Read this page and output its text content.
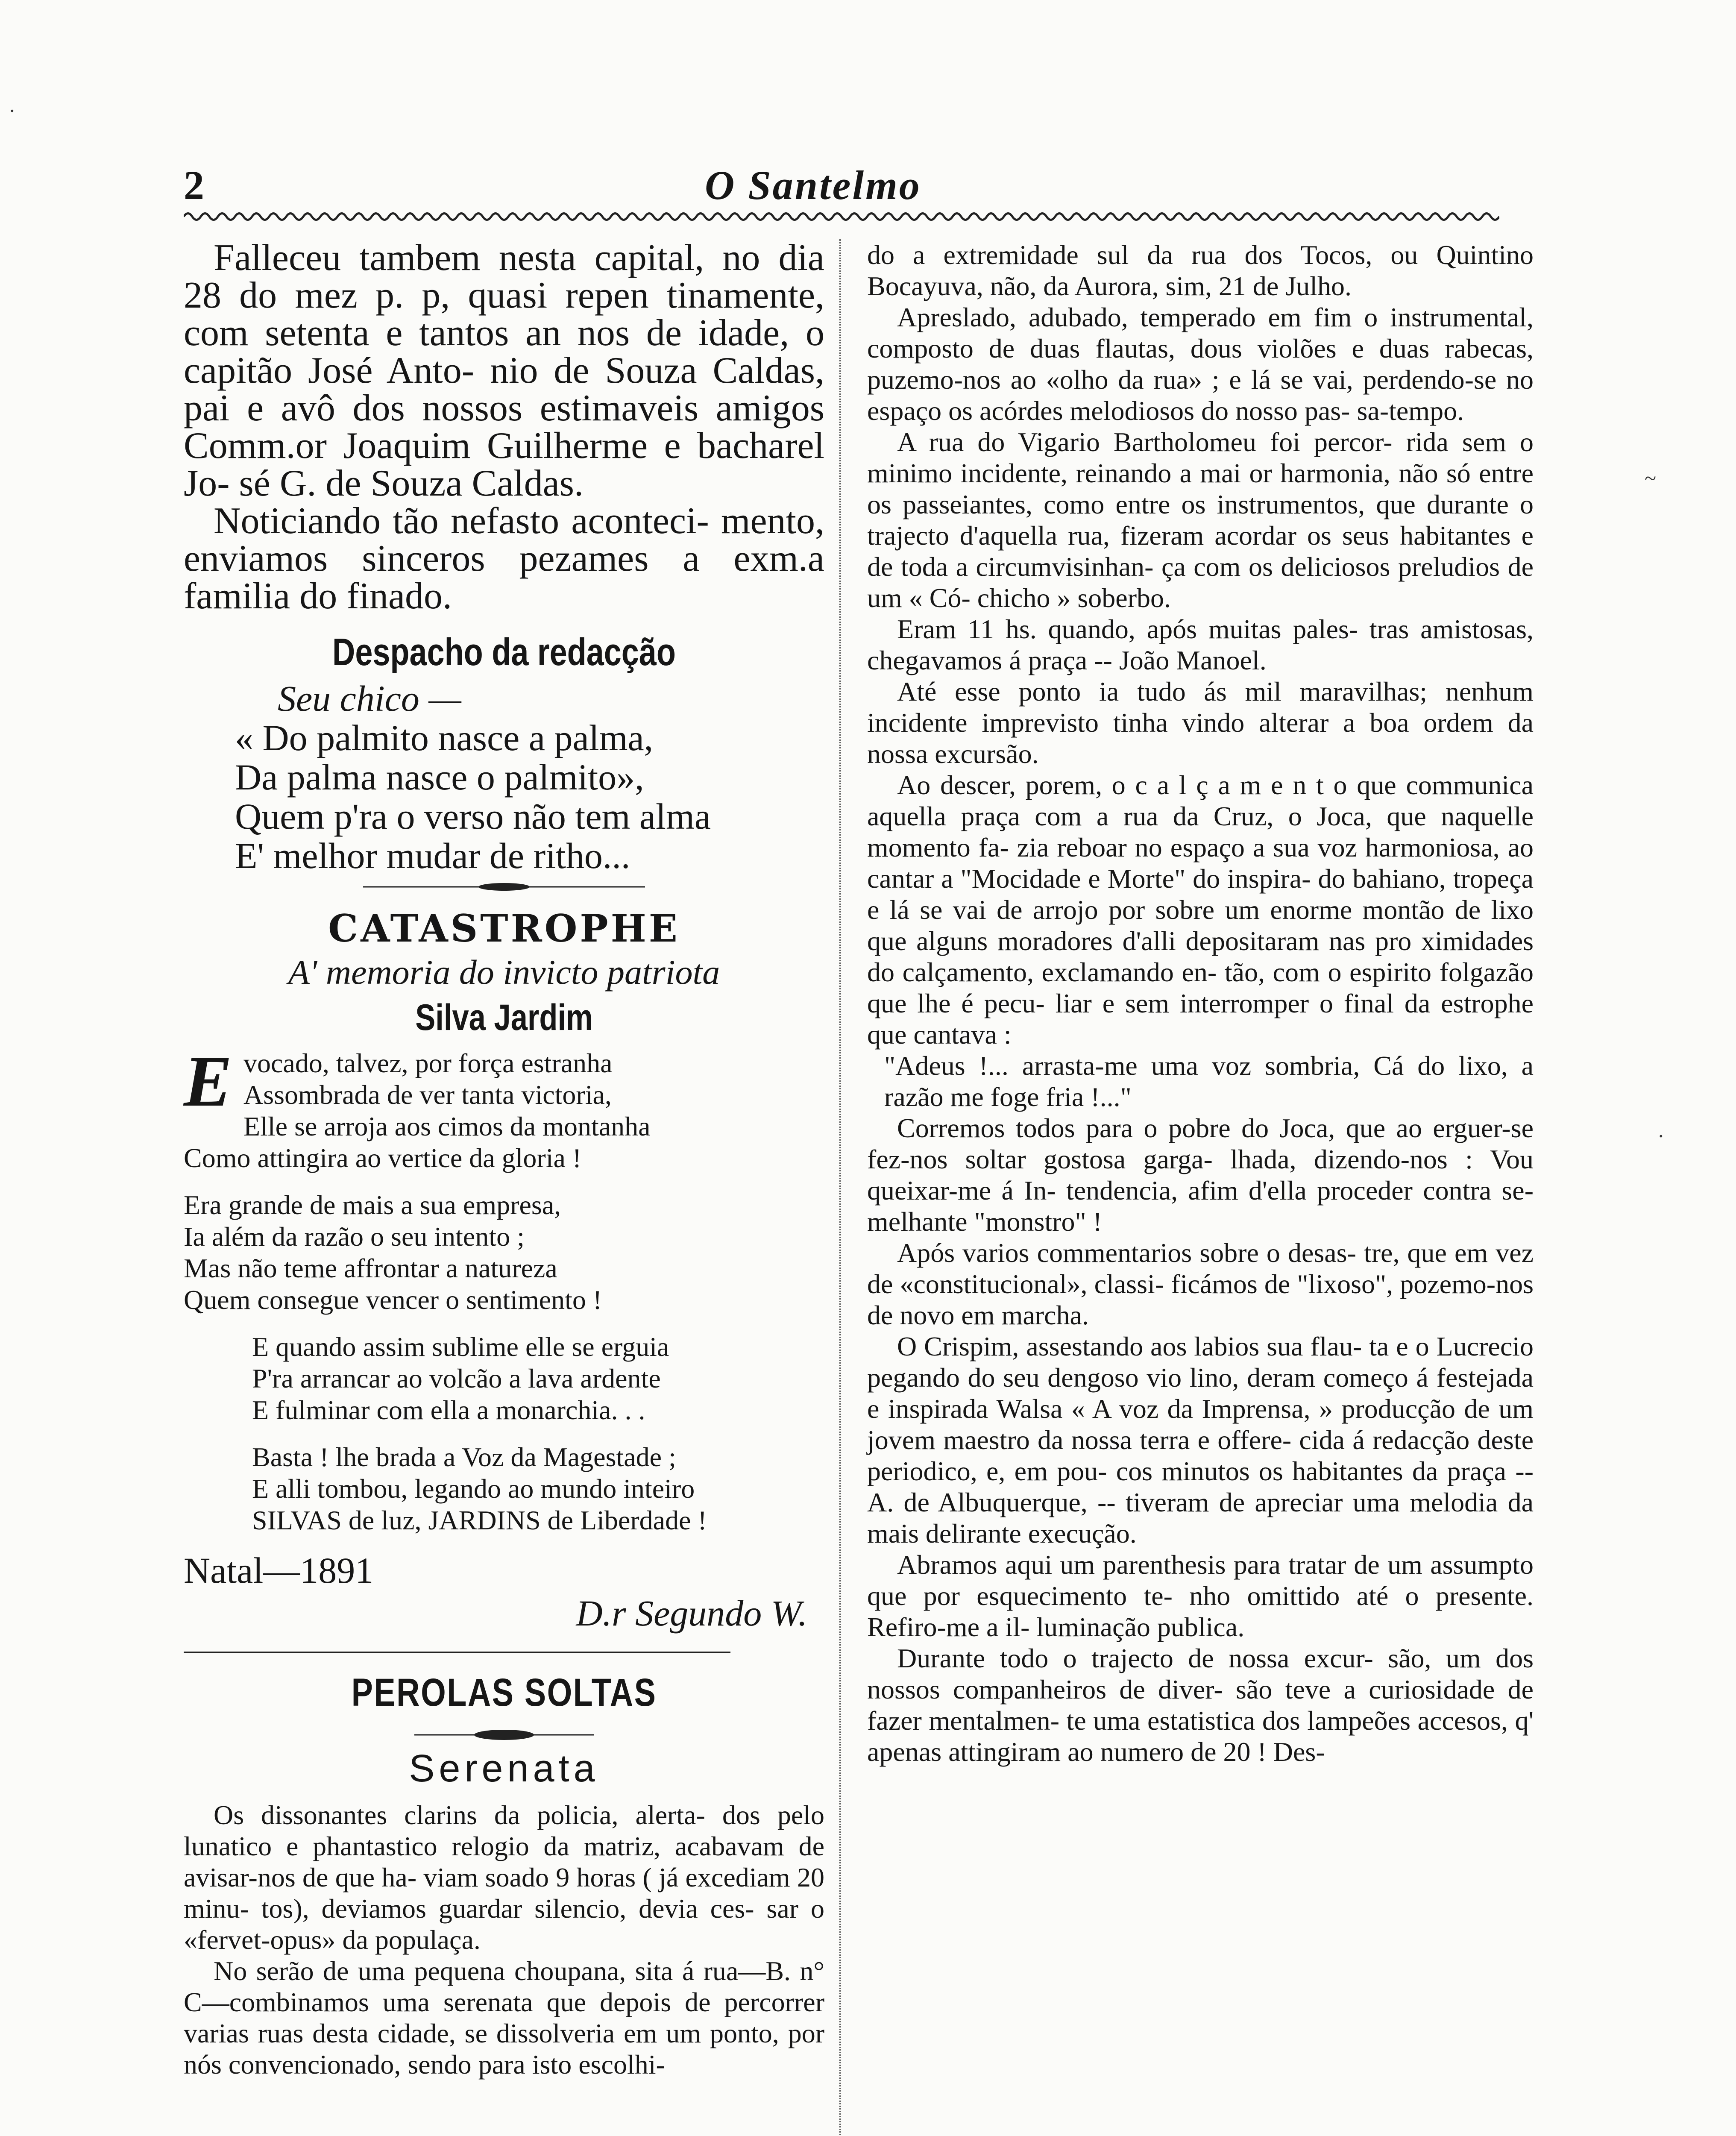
2	O Santelmo

Falleceu tambem nesta capital, no dia 28 do mez p. p, quasi repen tinamente, com setenta e tantos an nos de idade, o capitão José Anto- nio de Souza Caldas, pai e avô dos nossos estimaveis amigos Comm.or Joaquim Guilherme e bacharel Jo- sé G. de Souza Caldas.

Noticiando tão nefasto aconteci- mento, enviamos sinceros pezames a exm.a familia do finado.

Despacho da redacção

Seu chico —

« Do palmito nasce a palma,

Da palma nasce o palmito»,

Quem p'ra o verso não tem alma

E' melhor mudar de ritho...

CATASTROPHE

A' memoria do invicto patriota

Silva Jardim
E vocado, talvez, por força estranha

Assombrada de ver tanta victoria,

Elle se arroja aos cimos da montanha

Como attingira ao vertice da gloria !

Era grande de mais a sua empresa,

Ia além da razão o seu intento ;

Mas não teme affrontar a natureza

Quem consegue vencer o sentimento !

E quando assim sublime elle se erguia

P'ra arrancar ao volcão a lava ardente

E fulminar com ella a monarchia. . .

Basta ! lhe brada a Voz da Magestade ;

E alli tombou, legando ao mundo inteiro

SILVAS de luz, JARDINS de Liberdade !

Natal—1891

D.r Segundo W.

PEROLAS SOLTAS

Serenata

Os dissonantes clarins da policia, alerta- dos pelo lunatico e phantastico relogio da matriz, acabavam de avisar-nos de que ha- viam soado 9 horas ( já excediam 20 minu- tos), deviamos guardar silencio, devia ces- sar o «fervet-opus» da populaça.

No serão de uma pequena choupana, sita á rua—B. n° C—combinamos uma serenata que depois de percorrer varias ruas desta cidade, se dissolveria em um ponto, por nós convencionado, sendo para isto escolhi-

do a extremidade sul da rua dos Tocos, ou Quintino Bocayuva, não, da Aurora, sim, 21 de Julho.

Apreslado, adubado, temperado em fim o instrumental, composto de duas flautas, dous violões e duas rabecas, puzemo-nos ao «olho da rua» ; e lá se vai, perdendo-se no espaço os acórdes melodiosos do nosso pas- sa-tempo.

A rua do Vigario Bartholomeu foi percor- rida sem o minimo incidente, reinando a mai or harmonia, não só entre os passeiantes, como entre os instrumentos, que durante o trajecto d'aquella rua, fizeram acordar os seus habitantes e de toda a circumvisinhan- ça com os deliciosos preludios de um « Có- chicho » soberbo.

Eram 11 hs. quando, após muitas pales- tras amistosas, chegavamos á praça -- João Manoel.

Até esse ponto ia tudo ás mil maravilhas; nenhum incidente imprevisto tinha vindo alterar a boa ordem da nossa excursão.

Ao descer, porem, o c a l ç a m e n t o que communica aquella praça com a rua da Cruz, o Joca, que naquelle momento fa- zia reboar no espaço a sua voz harmoniosa, ao cantar a "Mocidade e Morte" do inspira- do bahiano, tropeça e lá se vai de arrojo por sobre um enorme montão de lixo que alguns moradores d'alli depositaram nas pro ximidades do calçamento, exclamando en- tão, com o espirito folgazão que lhe é pecu- liar e sem interromper o final da estrophe que cantava :

"Adeus !... arrasta-me uma voz sombria, Cá do lixo, a razão me foge fria !..."

Corremos todos para o pobre do Joca, que ao erguer-se fez-nos soltar gostosa garga- lhada, dizendo-nos : Vou queixar-me á In- tendencia, afim d'ella proceder contra se- melhante "monstro" !

Após varios commentarios sobre o desas- tre, que em vez de «constitucional», classi- ficámos de "lixoso", pozemo-nos de novo em marcha.

O Crispim, assestando aos labios sua flau- ta e o Lucrecio pegando do seu dengoso vio lino, deram começo á festejada e inspirada Walsa « A voz da Imprensa, » producção de um jovem maestro da nossa terra e offere- cida á redacção deste periodico, e, em pou- cos minutos os habitantes da praça -- A. de Albuquerque, -- tiveram de apreciar uma melodia da mais delirante execução.

Abramos aqui um parenthesis para tratar de um assumpto que por esquecimento te- nho omittido até o presente. Refiro-me a il- luminação publica.

Durante todo o trajecto de nossa excur- são, um dos nossos companheiros de diver- são teve a curiosidade de fazer mentalmen- te uma estatistica dos lampeões accesos, q' apenas attingiram ao numero de 20 ! Des-

·
~
·
